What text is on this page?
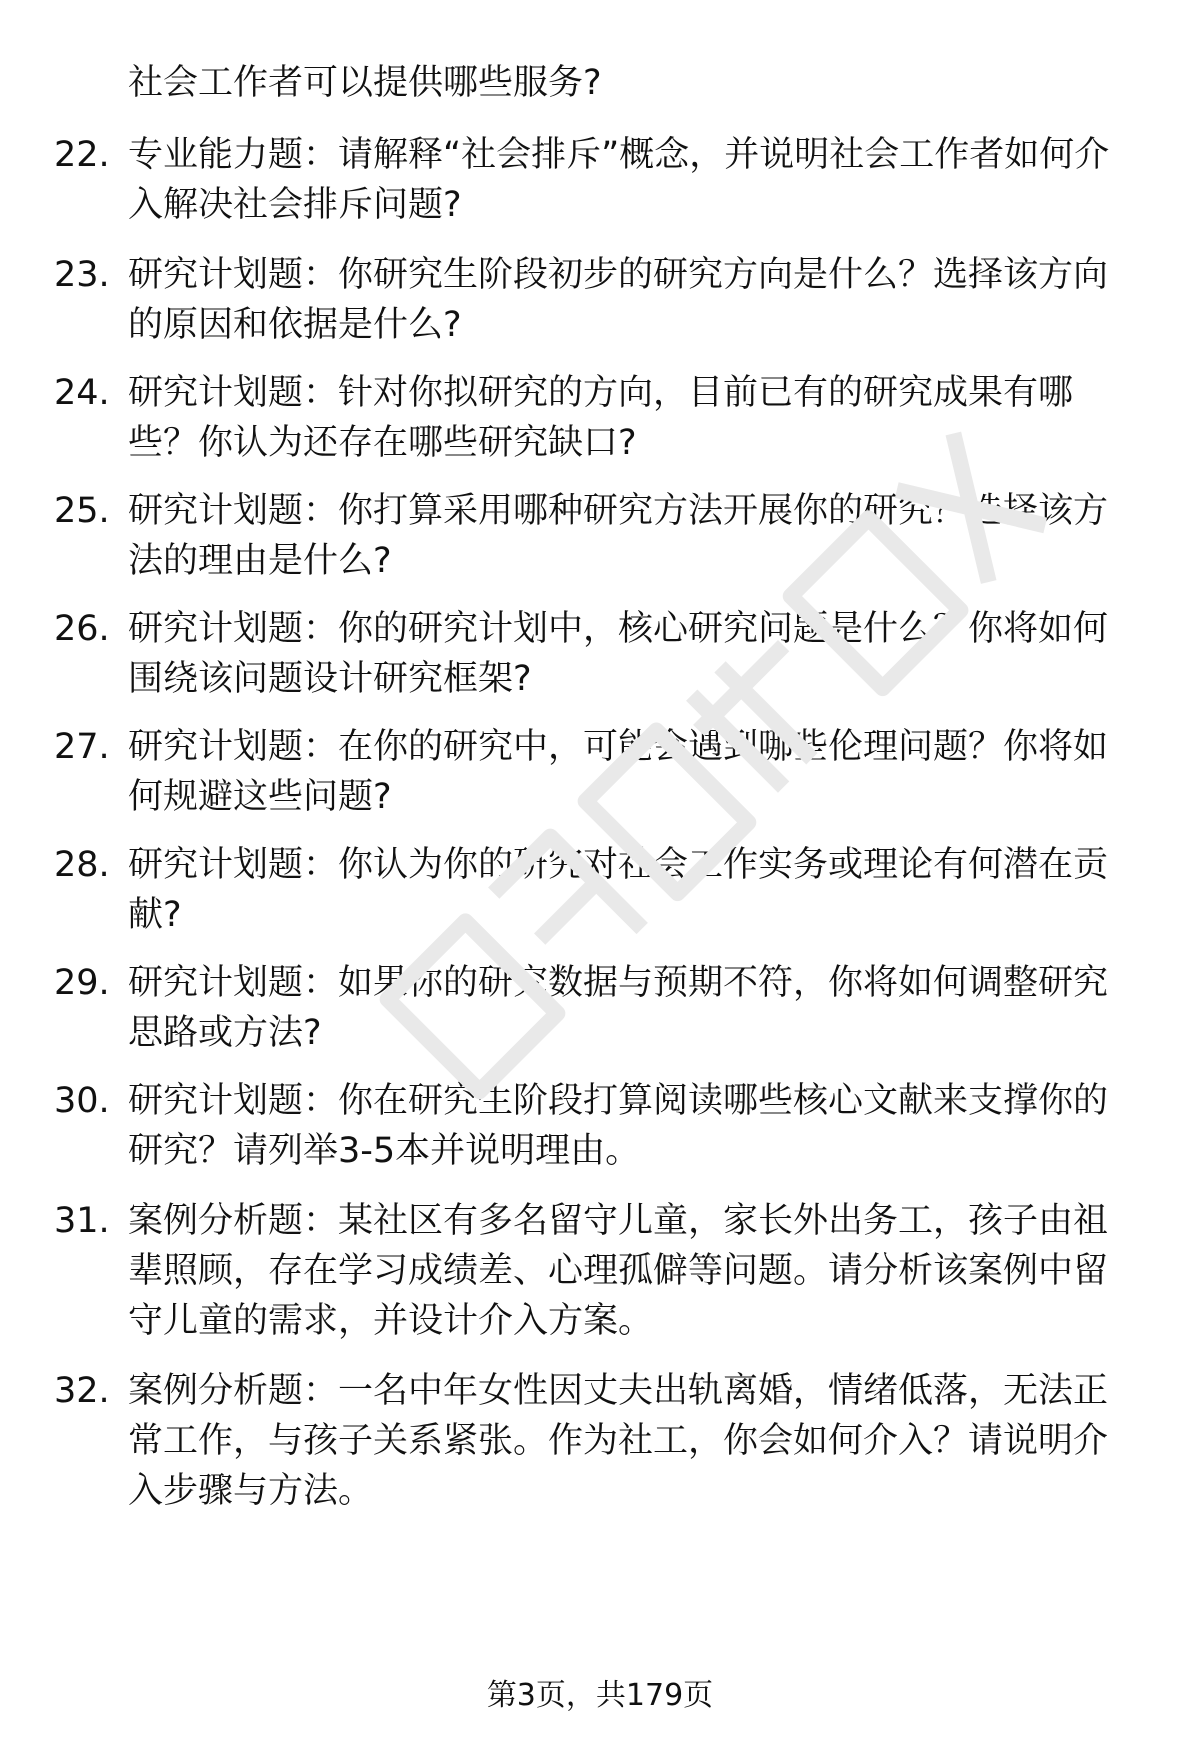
社会工作者可以提供哪些服务?
22. 专业能力题：请解释“社会排斥”概念，并说明社会工作者如何介入解决社会排斥问题?
23. 研究计划题：你研究生阶段初步的研究方向是什么？选择该方向的原因和依据是什么?
24. 研究计划题：针对你拟研究的方向，目前已有的研究成果有哪些？你认为还存在哪些研究缺口?
25. 研究计划题：你打算采用哪种研究方法开展你的研究？选择该方法的理由是什么?
26. 研究计划题：你的研究计划中，核心研究问题是什么？你将如何围绕该问题设计研究框架?
27. 研究计划题：在你的研究中，可能会遇到哪些伦理问题？你将如何规避这些问题?
28. 研究计划题：你认为你的研究对社会工作实务或理论有何潜在贡献?
29. 研究计划题：如果你的研究数据与预期不符，你将如何调整研究思路或方法?
30. 研究计划题：你在研究生阶段打算阅读哪些核心文献来支撑你的研究？请列举3-5本并说明理由。
31. 案例分析题：某社区有多名留守儿童，家长外出务工，孩子由祖辈照顾，存在学习成绩差、心理孤僻等问题。请分析该案例中留守儿童的需求，并设计介入方案。
32. 案例分析题：一名中年女性因丈夫出轨离婚，情绪低落，无法正常工作，与孩子关系紧张。作为社工，你会如何介入？请说明介入步骤与方法。
第3页，共179页
